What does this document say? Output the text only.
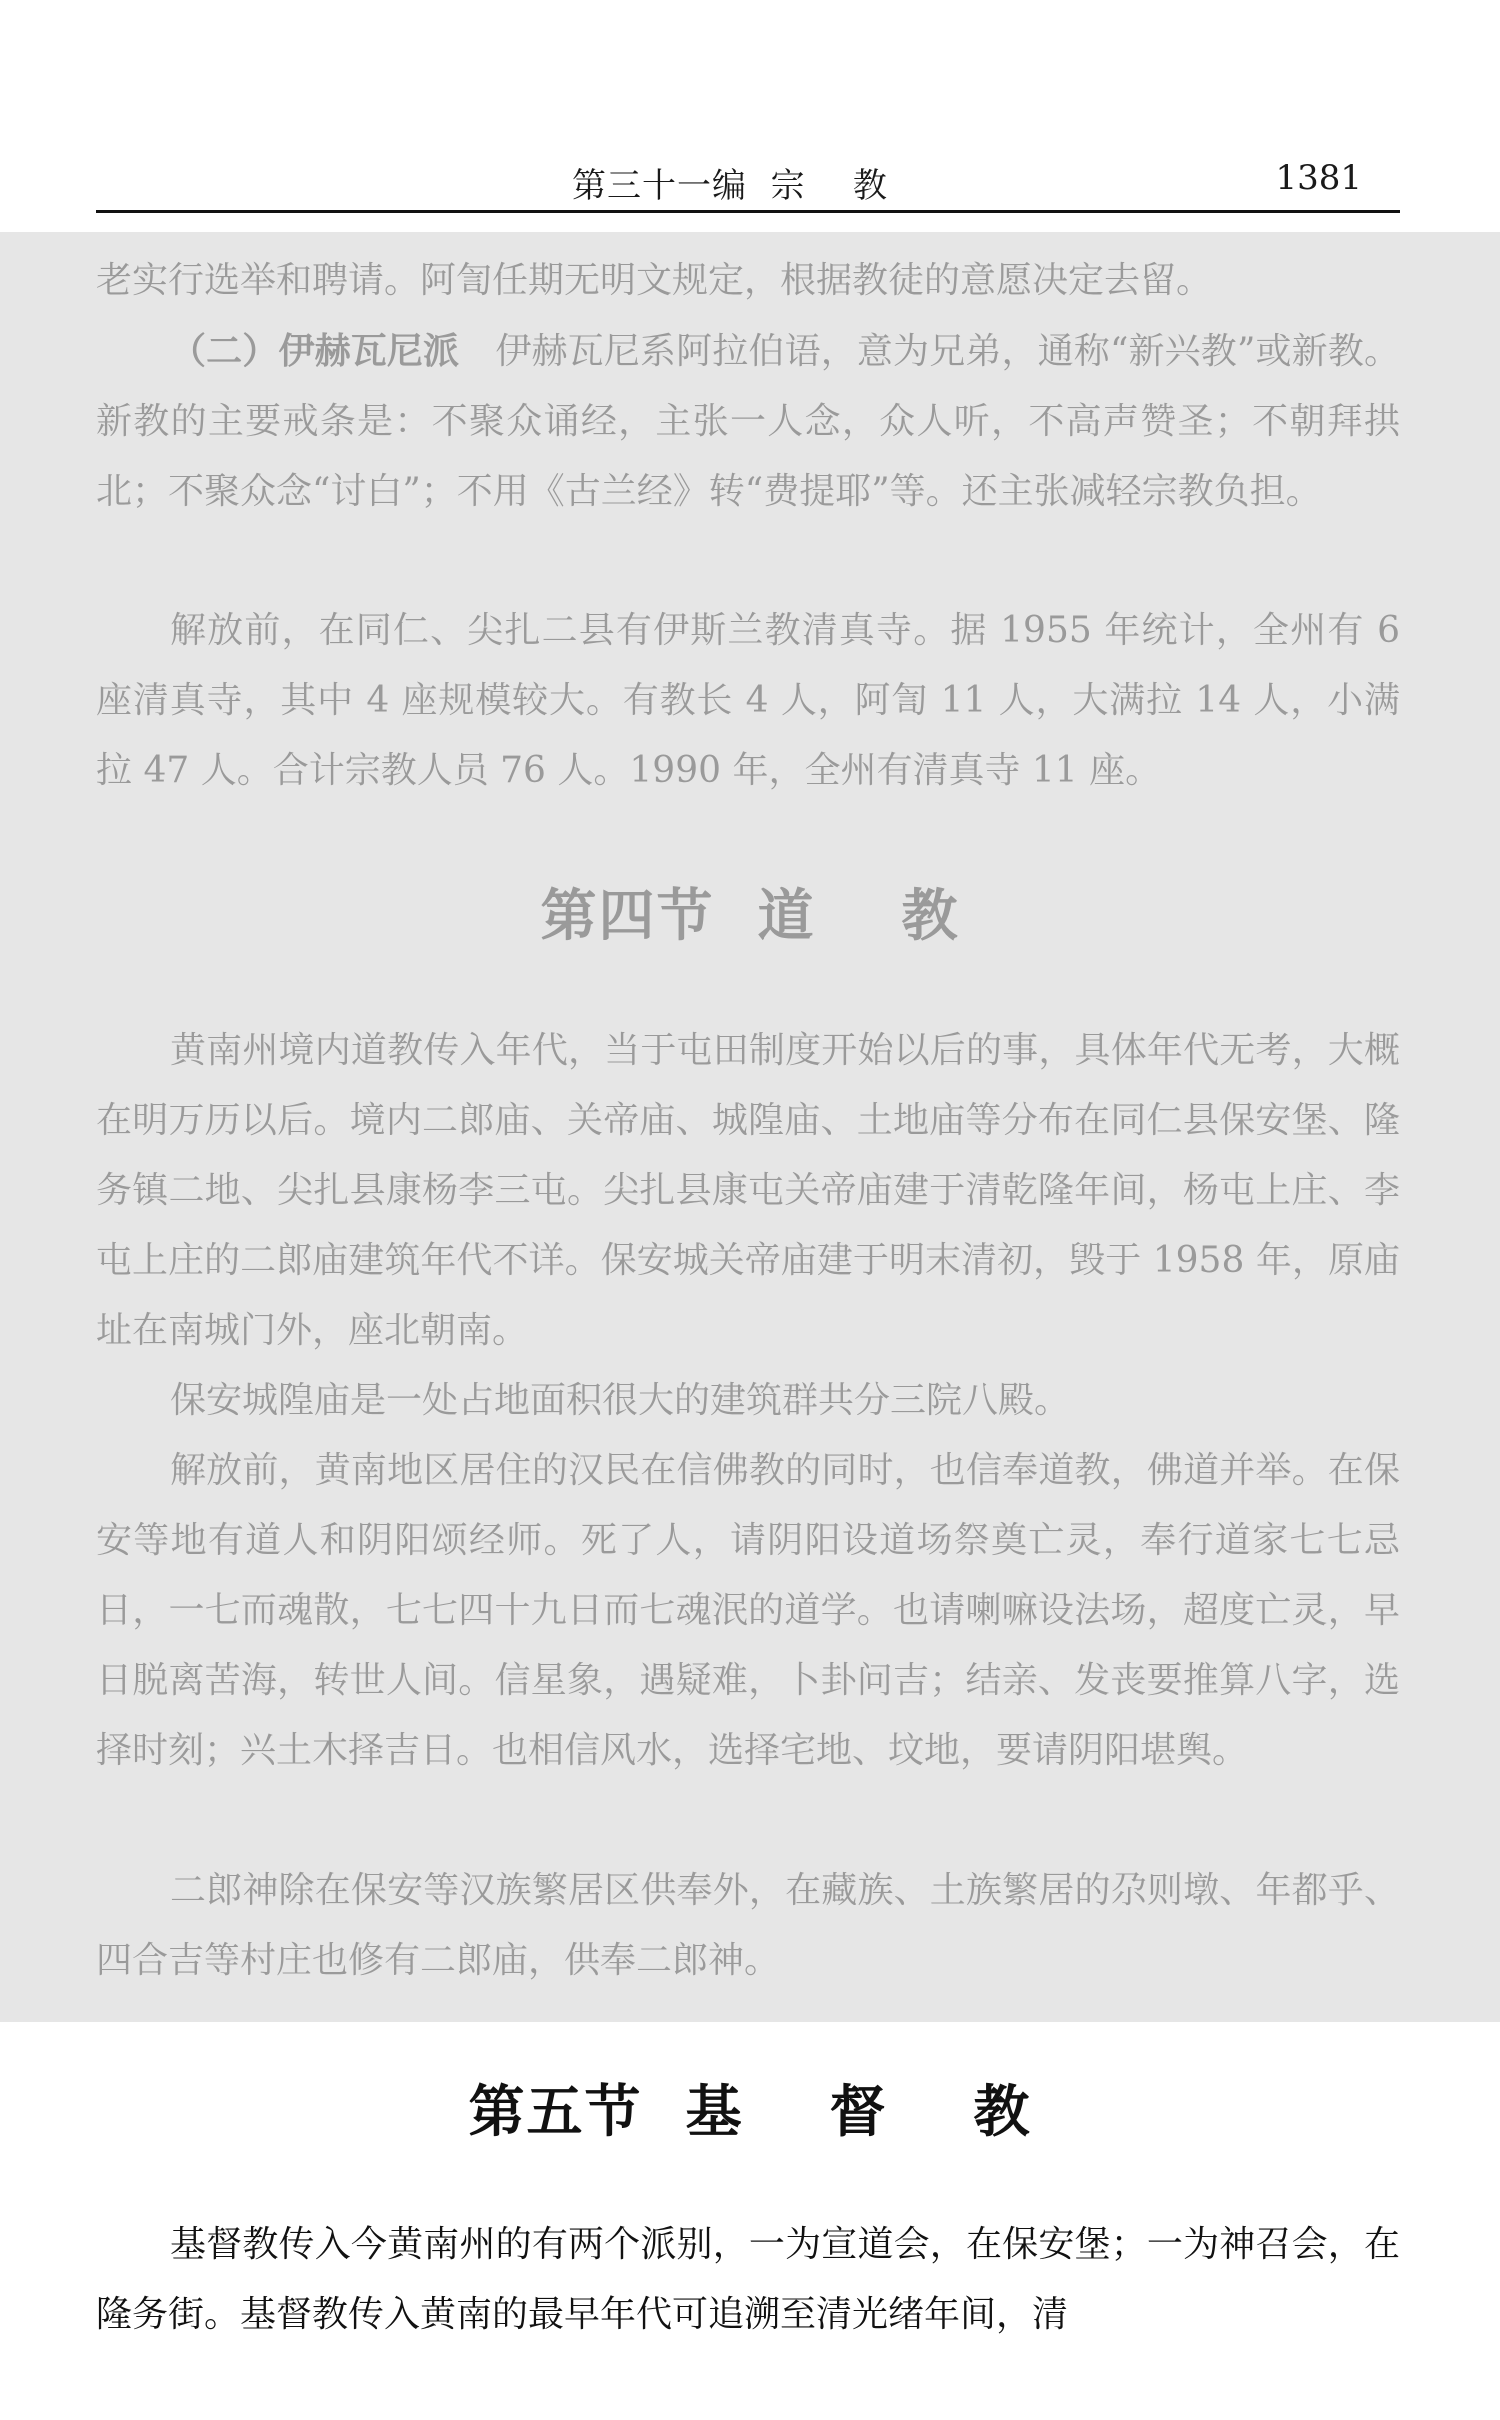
第三十一编  宗    教	1381

老实行选举和聘请。阿訇任期无明文规定，根据教徒的意愿决定去留。

（二）伊赫瓦尼派　 伊赫瓦尼系阿拉伯语，意为兄弟，通称“新兴教”或新教。新教的主要戒条是：不聚众诵经，主张一人念，众人听，不高声赞圣；不朝拜拱北；不聚众念“讨白”；不用《古兰经》转“费提耶”等。还主张减轻宗教负担。

解放前，在同仁、尖扎二县有伊斯兰教清真寺。据 1955 年统计，全州有 6 座清真寺，其中 4 座规模较大。有教长 4 人，阿訇 11 人，大满拉 14 人，小满拉 47 人。合计宗教人员 76 人。1990 年，全州有清真寺 11 座。

第四节  道    教

黄南州境内道教传入年代，当于屯田制度开始以后的事，具体年代无考，大概在明万历以后。境内二郎庙、关帝庙、城隍庙、土地庙等分布在同仁县保安堡、隆务镇二地、尖扎县康杨李三屯。尖扎县康屯关帝庙建于清乾隆年间，杨屯上庄、李屯上庄的二郎庙建筑年代不详。保安城关帝庙建于明末清初，毁于 1958 年，原庙址在南城门外，座北朝南。

保安城隍庙是一处占地面积很大的建筑群共分三院八殿。

解放前，黄南地区居住的汉民在信佛教的同时，也信奉道教，佛道并举。在保安等地有道人和阴阳颂经师。死了人，请阴阳设道场祭奠亡灵，奉行道家七七忌日，一七而魂散，七七四十九日而七魂泯的道学。也请喇嘛设法场，超度亡灵，早日脱离苦海，转世人间。信星象，遇疑难，卜卦问吉；结亲、发丧要推算八字，选择时刻；兴土木择吉日。也相信风水，选择宅地、坟地，要请阴阳堪舆。

二郎神除在保安等汉族繁居区供奉外，在藏族、土族繁居的尕则墩、年都乎、四合吉等村庄也修有二郎庙，供奉二郎神。

第五节  基    督    教

基督教传入今黄南州的有两个派别，一为宣道会，在保安堡；一为神召会，在隆务街。基督教传入黄南的最早年代可追溯至清光绪年间，清
